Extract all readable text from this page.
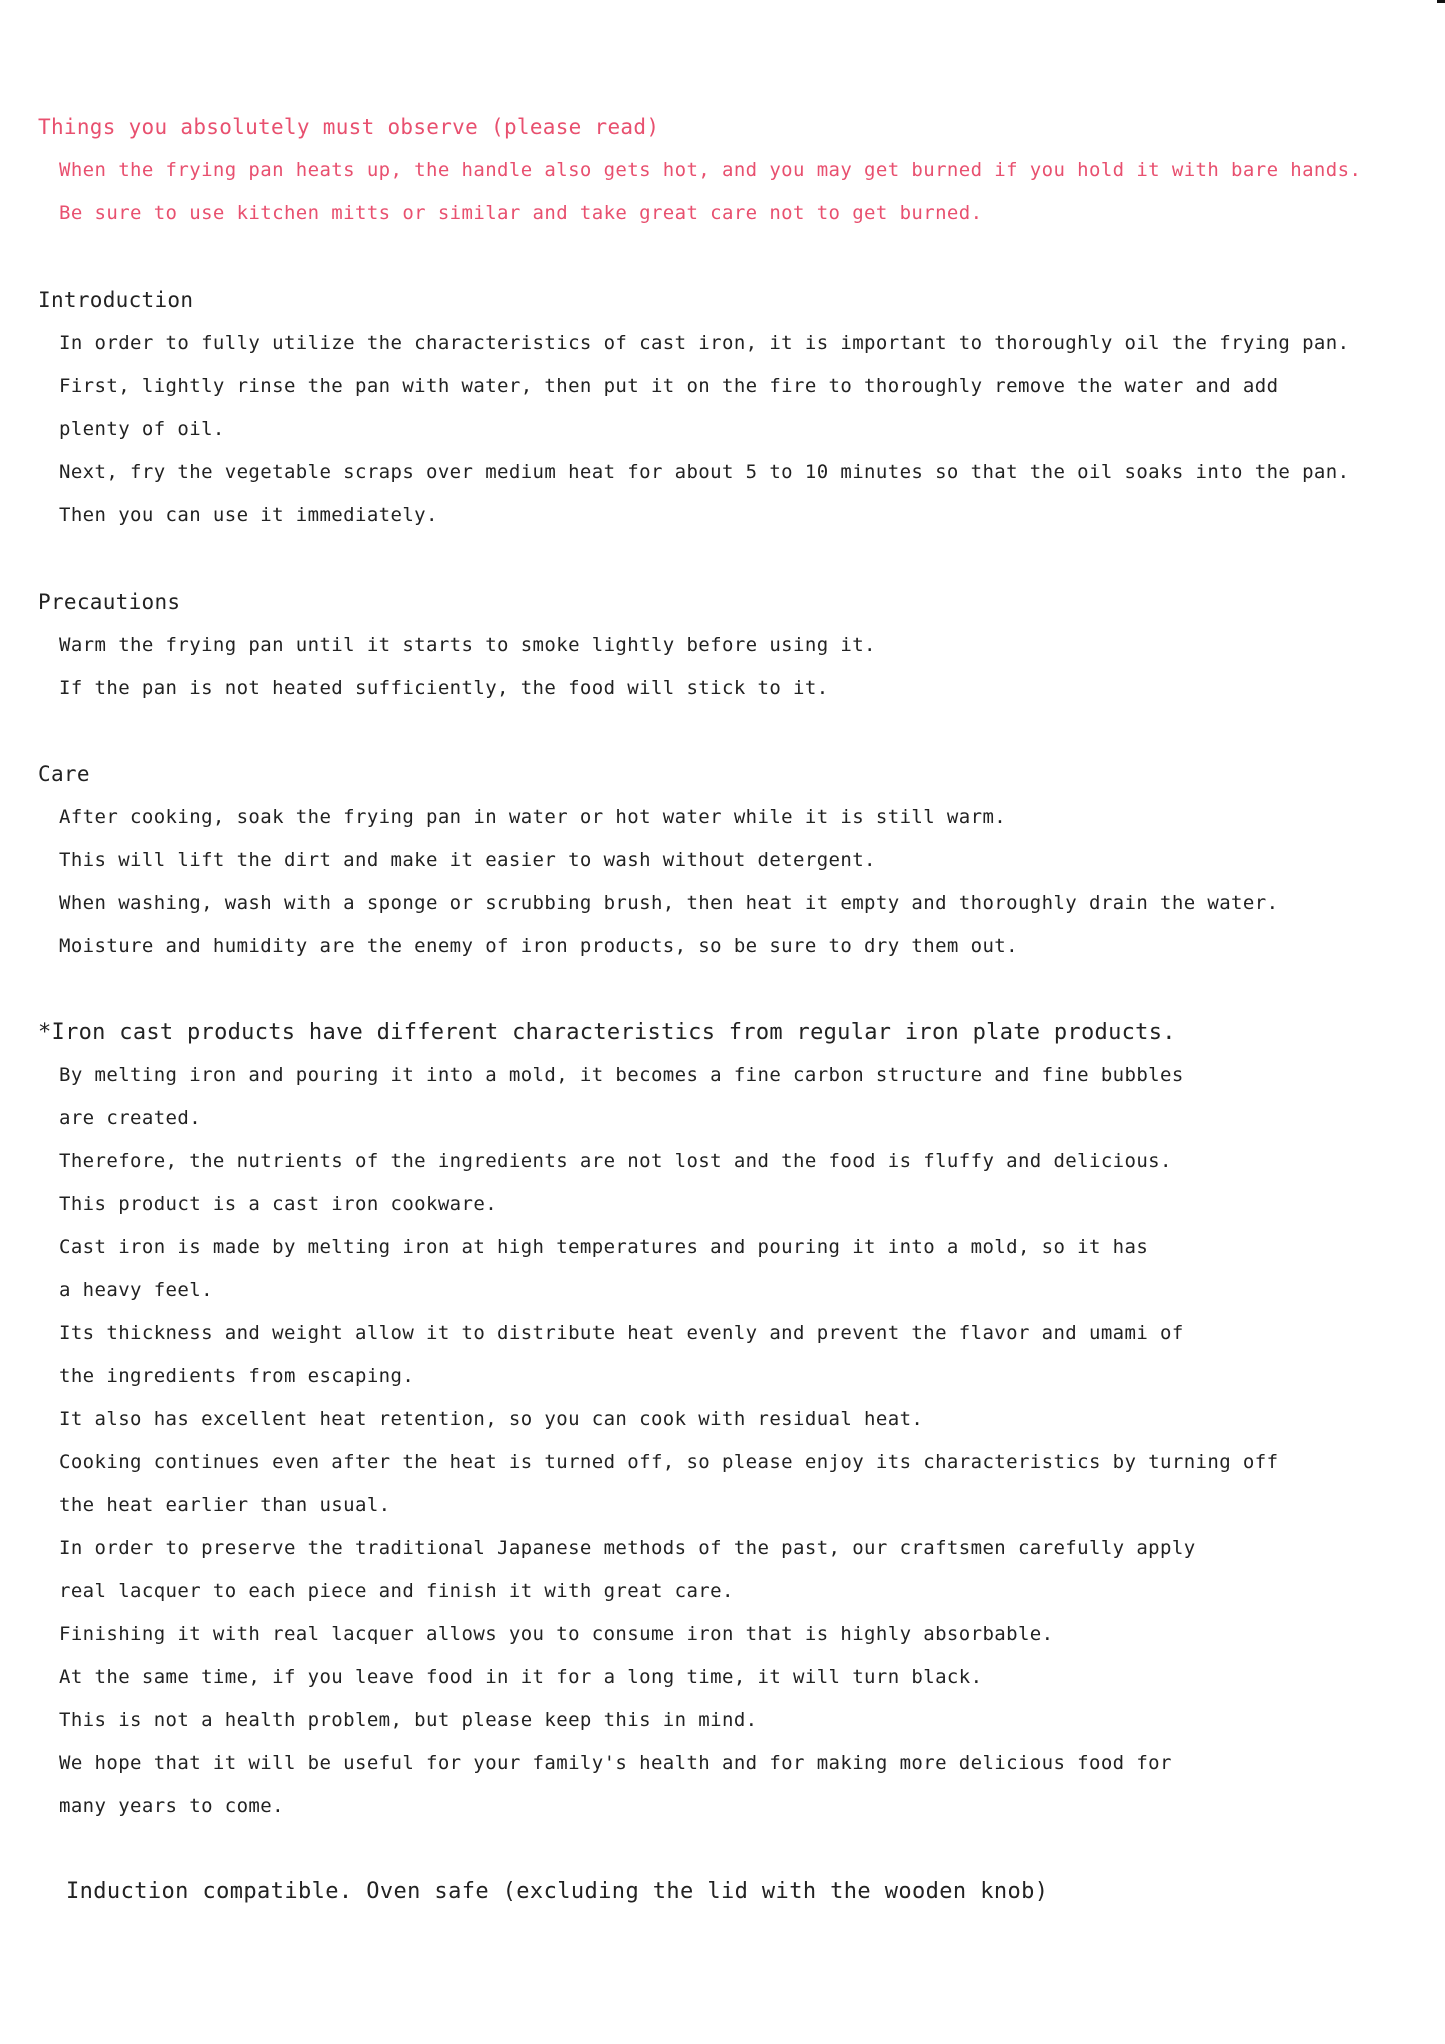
Things you absolutely must observe (please read)
When the frying pan heats up, the handle also gets hot, and you may get burned if you hold it with bare hands.
Be sure to use kitchen mitts or similar and take great care not to get burned.
Introduction
In order to fully utilize the characteristics of cast iron, it is important to thoroughly oil the frying pan.
First, lightly rinse the pan with water, then put it on the fire to thoroughly remove the water and add
plenty of oil.
Next, fry the vegetable scraps over medium heat for about 5 to 10 minutes so that the oil soaks into the pan.
Then you can use it immediately.
Precautions
Warm the frying pan until it starts to smoke lightly before using it.
If the pan is not heated sufficiently, the food will stick to it.
Care
After cooking, soak the frying pan in water or hot water while it is still warm.
This will lift the dirt and make it easier to wash without detergent.
When washing, wash with a sponge or scrubbing brush, then heat it empty and thoroughly drain the water.
Moisture and humidity are the enemy of iron products, so be sure to dry them out.
*Iron cast products have different characteristics from regular iron plate products.
By melting iron and pouring it into a mold, it becomes a fine carbon structure and fine bubbles
are created.
Therefore, the nutrients of the ingredients are not lost and the food is fluffy and delicious.
This product is a cast iron cookware.
Cast iron is made by melting iron at high temperatures and pouring it into a mold, so it has
a heavy feel.
Its thickness and weight allow it to distribute heat evenly and prevent the flavor and umami of
the ingredients from escaping.
It also has excellent heat retention, so you can cook with residual heat.
Cooking continues even after the heat is turned off, so please enjoy its characteristics by turning off
the heat earlier than usual.
In order to preserve the traditional Japanese methods of the past, our craftsmen carefully apply
real lacquer to each piece and finish it with great care.
Finishing it with real lacquer allows you to consume iron that is highly absorbable.
At the same time, if you leave food in it for a long time, it will turn black.
This is not a health problem, but please keep this in mind.
We hope that it will be useful for your family's health and for making more delicious food for
many years to come.
Induction compatible. Oven safe (excluding the lid with the wooden knob)
